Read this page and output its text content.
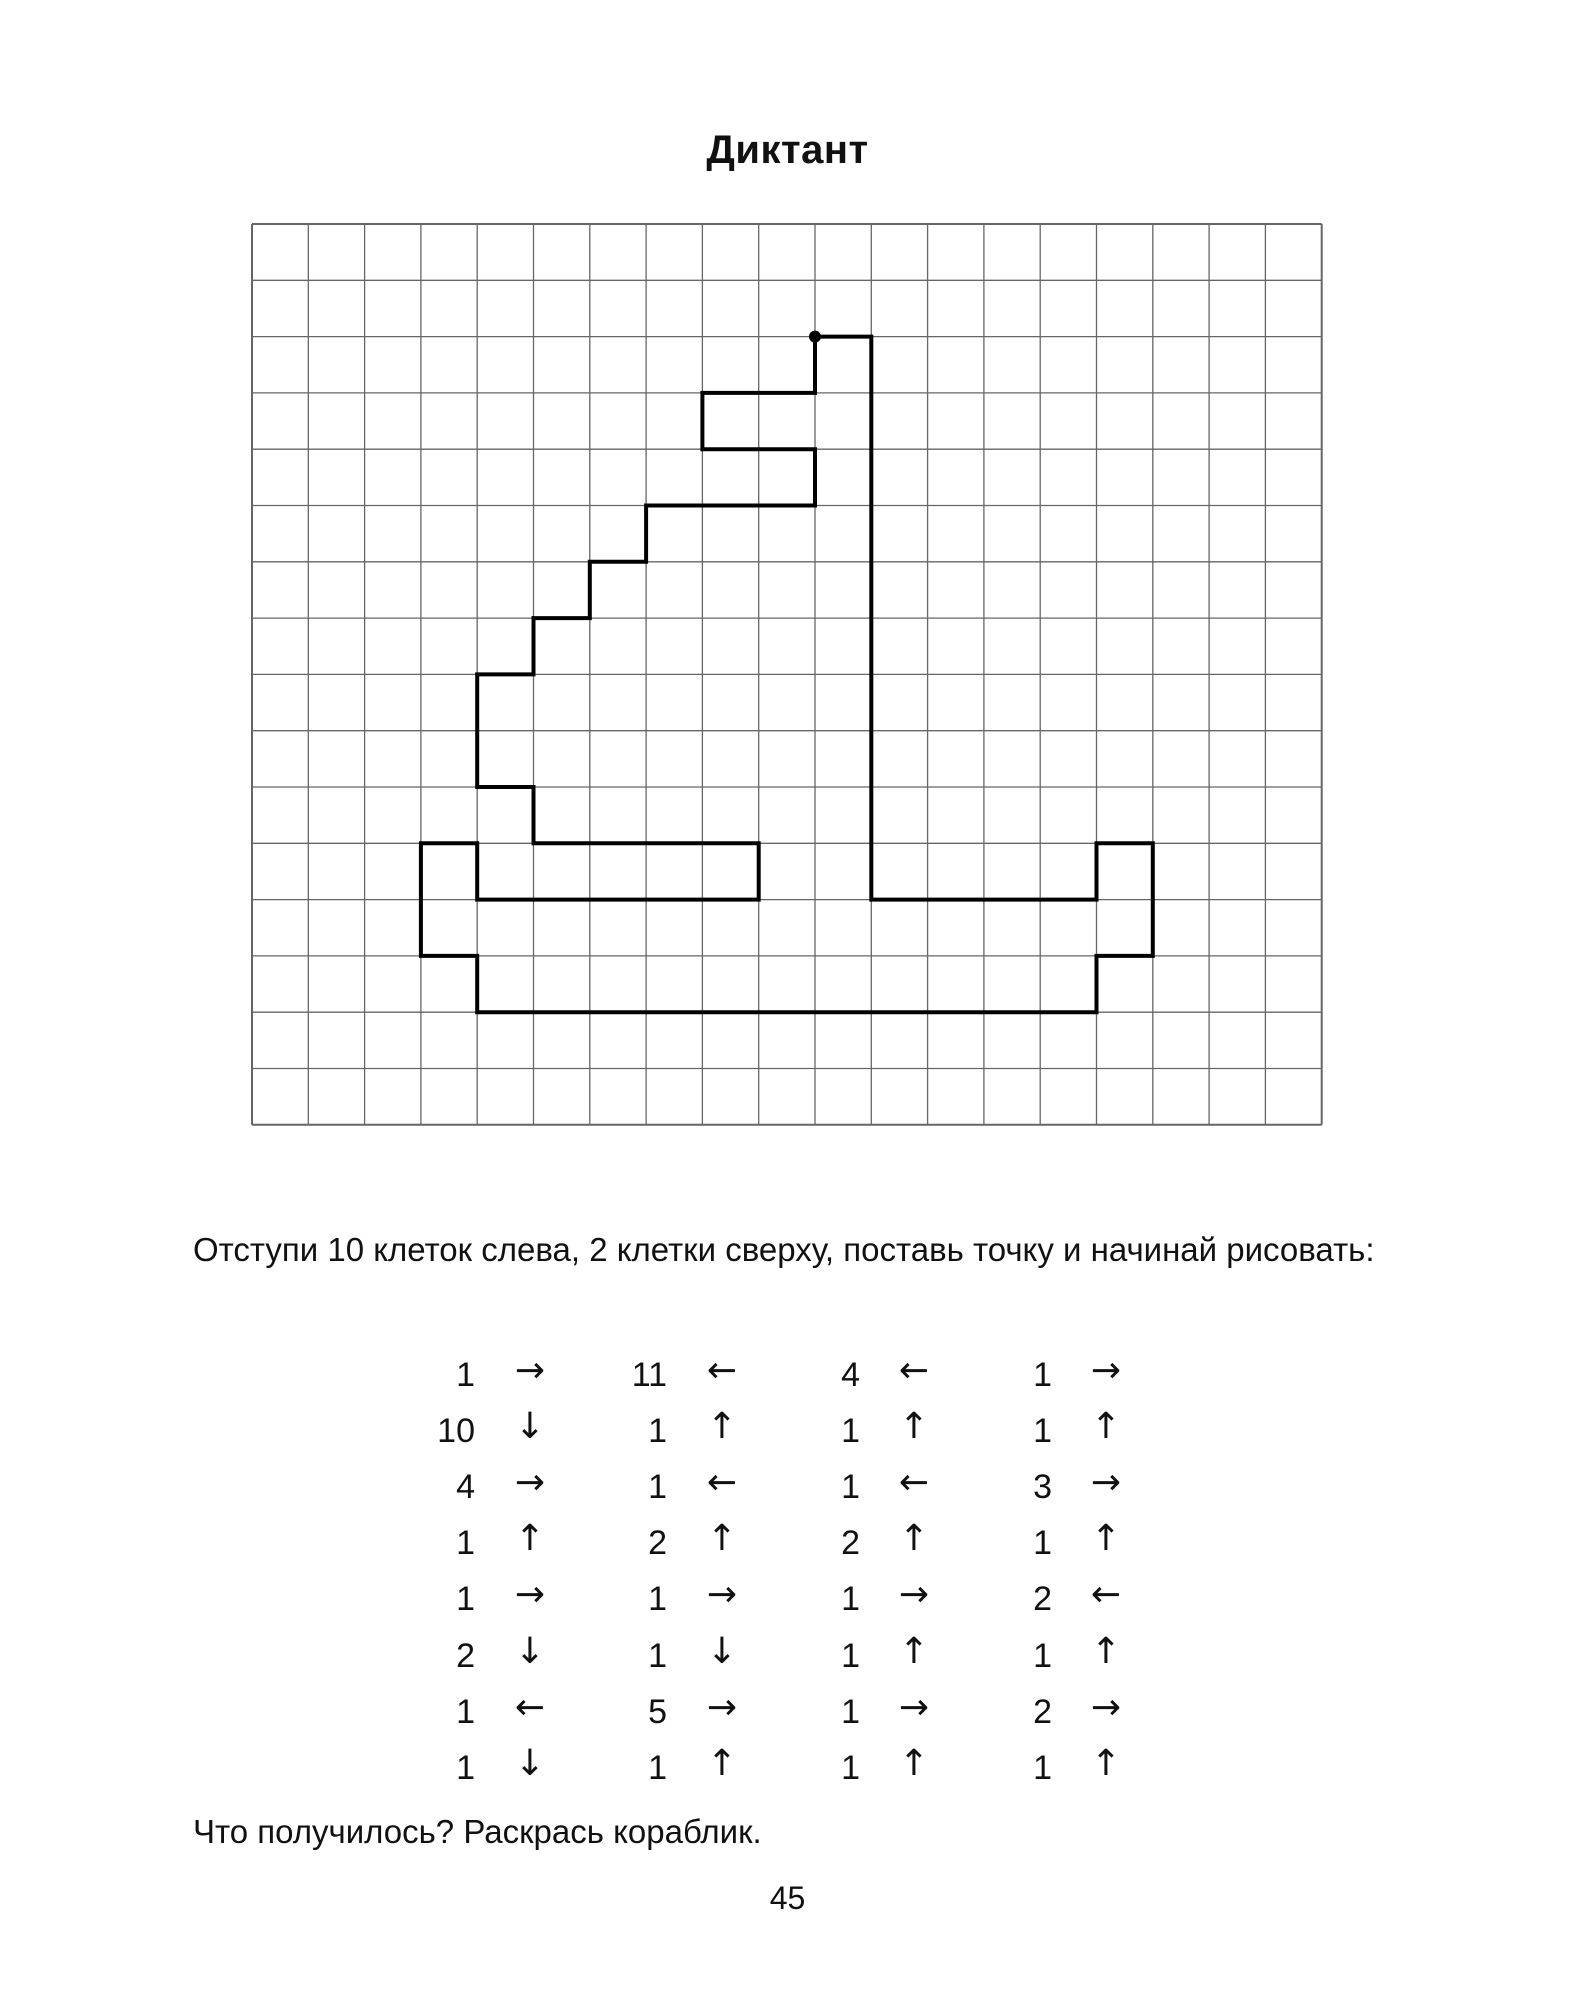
Диктант
Отступи 10 клеток слева, 2 клетки сверху, поставь точку и начинай рисовать:
1	→
10	↓
4	→
1	↑
1	→
2	↓
1	←
1	↓
11	←
1	↑
1	←
2	↑
1	→
1	↓
5	→
1	↑
4	←
1	↑
1	←
2	↑
1	→
1	↑
1	→
1	↑
1	→
1	↑
3	→
1	↑
2	←
1	↑
2	→
1	↑
Что получилось? Раскрась кораблик.
45
